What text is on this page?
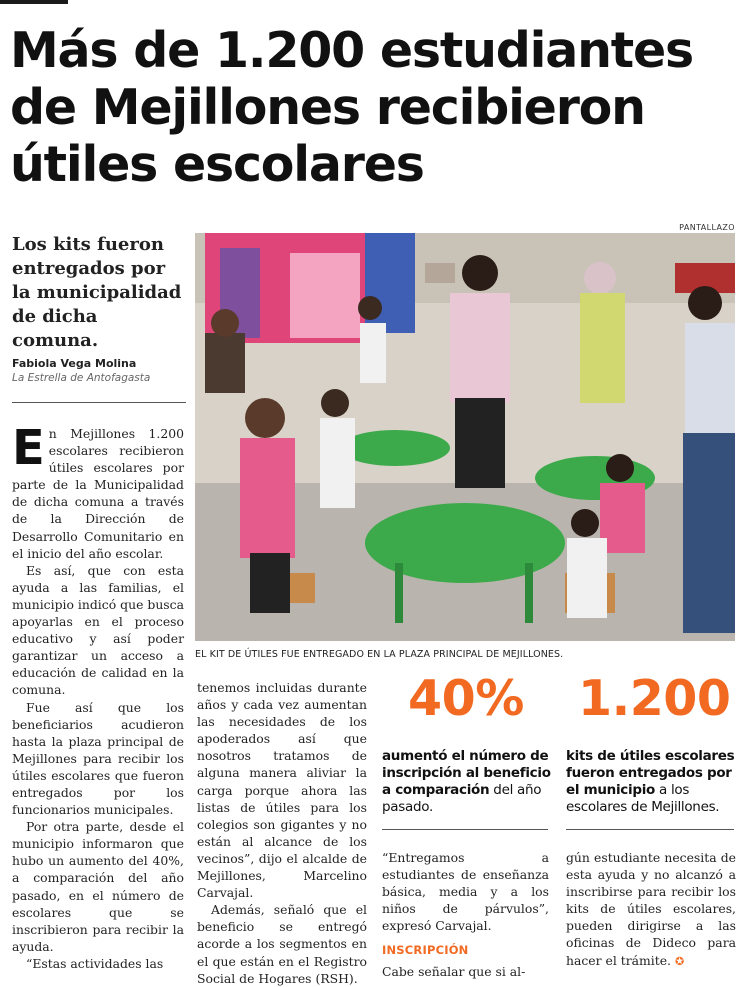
Más de 1.200 estudiantes de Mejillones recibieron útiles escolares
Los kits fueron entregados por la municipalidad de dicha comuna.
Fabiola Vega Molina
La Estrella de Antofagasta

En Mejillones 1.200 escolares recibieron útiles escolares por parte de la Municipalidad de dicha comuna a través de la Dirección de Desarrollo Comunitario en el inicio del año escolar.

Es así, que con esta ayuda a las familias, el municipio indicó que busca apoyarlas en el proceso educativo y así poder garantizar un acceso a educación de calidad en la comuna.

Fue así que los beneficiarios acudieron hasta la plaza principal de Mejillones para recibir los útiles escolares que fueron entregados por los funcionarios municipales.

Por otra parte, desde el municipio informaron que hubo un aumento del 40%, a comparación del año pasado, en el número de escolares que se inscribieron para recibir la ayuda.

“Estas actividades las

PANTALLAZO
EL KIT DE ÚTILES FUE ENTREGADO EN LA PLAZA PRINCIPAL DE MEJILLONES.

tenemos incluidas durante años y cada vez aumentan las necesidades de los apoderados así que nosotros tratamos de alguna manera aliviar la carga porque ahora las listas de útiles para los colegios son gigantes y no están al alcance de los vecinos”, dijo el alcalde de Mejillones, Marcelino Carvajal.

Además, señaló que el beneficio se entregó acorde a los segmentos en el que están en el Registro Social de Hogares (RSH).

40%
aumentó el número de inscripción al beneficio a comparación del año pasado.
1.200
kits de útiles escolares fueron entregados por el municipio a los escolares de Mejillones.

“Entregamos a estudiantes de enseñanza básica, media y a los niños de párvulos”, expresó Carvajal.

INSCRIPCIÓN

Cabe señalar que si al-

gún estudiante necesita de esta ayuda y no alcanzó a inscribirse para recibir los kits de útiles escolares, pueden dirigirse a las oficinas de Dideco para hacer el trámite. ✪
